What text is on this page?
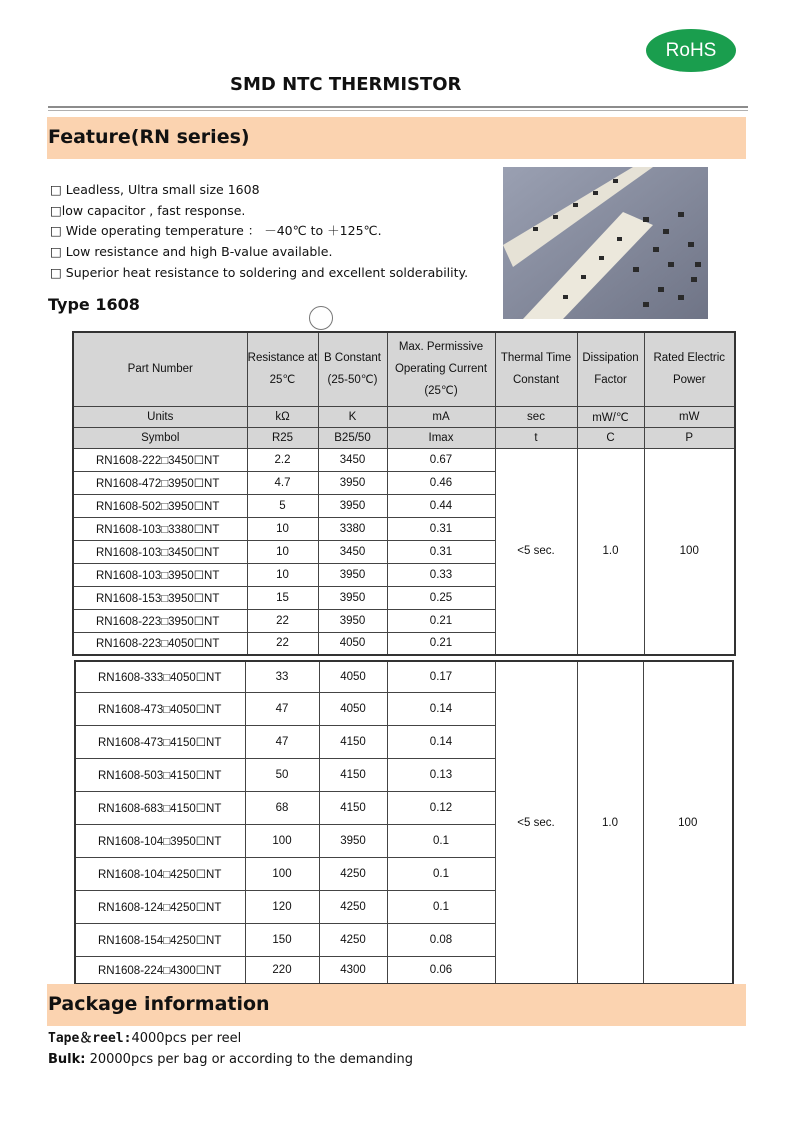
RoHS
SMD NTC THERMISTOR
Feature(RN series)
□ Leadless, Ultra small size 1608
□low capacitor , fast response.
□ Wide operating temperature ： －40℃ to ＋125℃.
□ Low resistance and high B-value available.
□ Superior heat resistance to soldering and excellent solderability.
Type 1608
Part Number	Resistance at 25℃	B Constant (25-50℃)	Max. Permissive Operating Current (25℃)	Thermal Time Constant	Dissipation Factor	Rated Electric Power
Units	kΩ	K	mA	sec	mW/℃	mW
Symbol	R25	B25/50	Imax	t	C	P
RN1608-222□3450☐NT	2.2	3450	0.67	<5 sec.	1.0	100
RN1608-472□3950☐NT	4.7	3950	0.46			
RN1608-502□3950☐NT	5	3950	0.44			
RN1608-103□3380☐NT	10	3380	0.31			
RN1608-103□3450☐NT	10	3450	0.31			
RN1608-103□3950☐NT	10	3950	0.33			
RN1608-153□3950☐NT	15	3950	0.25			
RN1608-223□3950☐NT	22	3950	0.21			
RN1608-223□4050☐NT	22	4050	0.21			
RN1608-333□4050☐NT	33	4050	0.17	<5 sec.	1.0	100
RN1608-473□4050☐NT	47	4050	0.14			
RN1608-473□4150☐NT	47	4150	0.14			
RN1608-503□4150☐NT	50	4150	0.13			
RN1608-683□4150☐NT	68	4150	0.12			
RN1608-104□3950☐NT	100	3950	0.1			
RN1608-104□4250☐NT	100	4250	0.1			
RN1608-124□4250☐NT	120	4250	0.1			
RN1608-154□4250☐NT	150	4250	0.08			
RN1608-224□4300☐NT	220	4300	0.06			
Package information
Tape＆reel:4000pcs per reel
Bulk: 20000pcs per bag or according to the demanding
